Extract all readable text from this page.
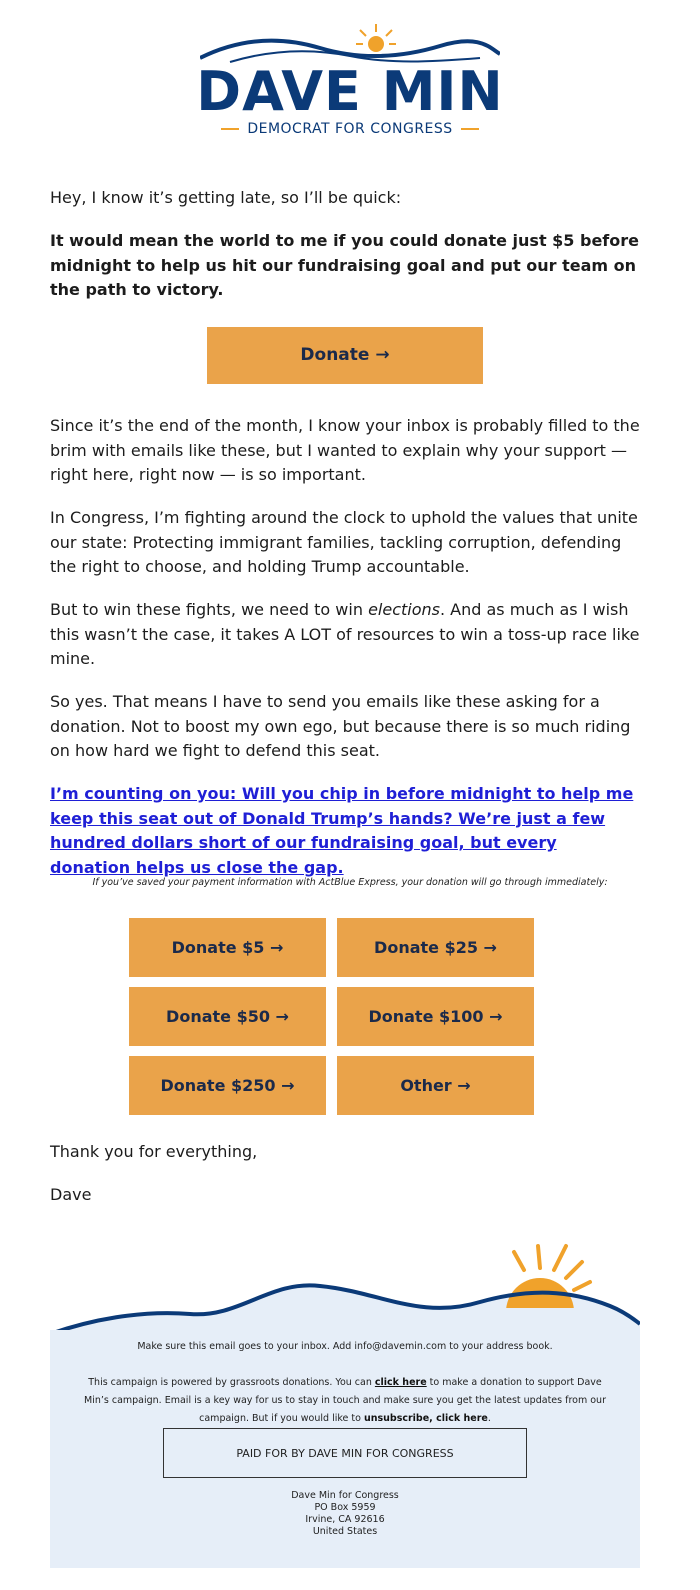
DAVE MIN
DEMOCRAT FOR CONGRESS

Hey, I know it’s getting late, so I’ll be quick:

It would mean the world to me if you could donate just $5 before midnight to help us hit our fundraising goal and put our team on the path to victory.

Donate →

Since it’s the end of the month, I know your inbox is probably filled to the brim with emails like these, but I wanted to explain why your support — right here, right now — is so important.

In Congress, I’m fighting around the clock to uphold the values that unite our state: Protecting immigrant families, tackling corruption, defending the right to choose, and holding Trump accountable.

But to win these fights, we need to win elections. And as much as I wish this wasn’t the case, it takes A LOT of resources to win a toss-up race like mine.

So yes. That means I have to send you emails like these asking for a donation. Not to boost my own ego, but because there is so much riding on how hard we fight to defend this seat.

I’m counting on you: Will you chip in before midnight to help me keep this seat out of Donald Trump’s hands? We’re just a few hundred dollars short of our fundraising goal, but every donation helps us close the gap.

If you’ve saved your payment information with ActBlue Express, your donation will go through immediately:
Donate $5 →	Donate $25 →
Donate $50 →	Donate $100 →
Donate $250 →	Other →

Thank you for everything,

Dave

Make sure this email goes to your inbox. Add info@davemin.com to your address book.
This campaign is powered by grassroots donations. You can click here to make a donation to support Dave Min’s campaign. Email is a key way for us to stay in touch and make sure you get the latest updates from our campaign. But if you would like to unsubscribe, click here.
PAID FOR BY DAVE MIN FOR CONGRESS
Dave Min for Congress
PO Box 5959
Irvine, CA 92616
United States
